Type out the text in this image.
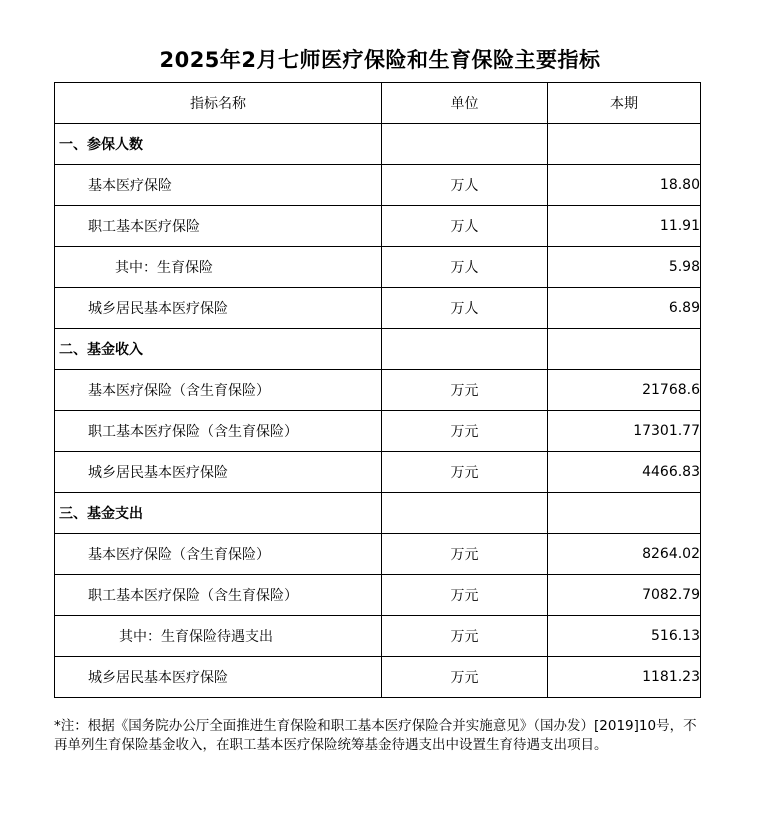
2025年2月七师医疗保险和生育保险主要指标
指标名称	单位	本期
一、参保人数		
基本医疗保险	万人	18.80
职工基本医疗保险	万人	11.91
其中：生育保险	万人	5.98
城乡居民基本医疗保险	万人	6.89
二、基金收入		
基本医疗保险（含生育保险）	万元	21768.6
职工基本医疗保险（含生育保险）	万元	17301.77
城乡居民基本医疗保险	万元	4466.83
三、基金支出		
基本医疗保险（含生育保险）	万元	8264.02
职工基本医疗保险（含生育保险）	万元	7082.79
其中：生育保险待遇支出	万元	516.13
城乡居民基本医疗保险	万元	1181.23
*注：根据《国务院办公厅全面推进生育保险和职工基本医疗保险合并实施意见》（国办发）[2019]10号，不再单列生育保险基金收入，在职工基本医疗保险统筹基金待遇支出中设置生育待遇支出项目。
